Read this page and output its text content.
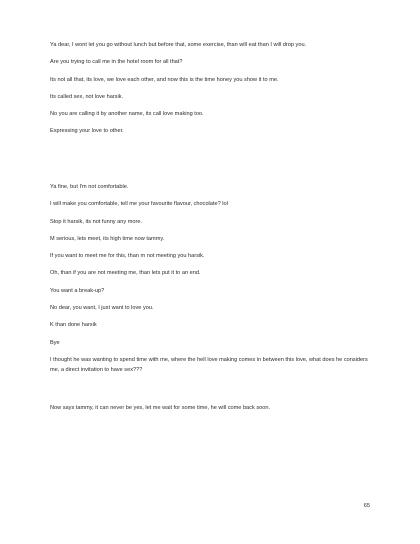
Ya dear, I wont let you go without lunch but before that, some exercise, than will eat than I will drop you.

Are you trying to call me in the hotel room for all that?

Its not all that, its love, we love each other, and now this is the time honey you show it to me.

Its called sex, not love harsik.

No you are calling it by another name, its call love making too.

Expressing your love to other.

Ya fine, but I'm not comfortable.

I will make you comfortable, tell me your favourite flavour, chocolate? lol

Stop it harsik, its not funny any more.

M serious, lets meet, its high time now tammy.

If you want to meet me for this, than m not meeting you harsik.

Oh, than if you are not meeting me, than lets put it to an end.

You want a break-up?

No dear, you want, I just want to love you.

K than done harsik

Bye

I thought he was wanting to spend time with me, where the hell love making comes in between this love, what does he considers me, a direct invitation to have sex???

Now says tammy, it can never be yes, let me wait for some time, he will come back soon.

65
